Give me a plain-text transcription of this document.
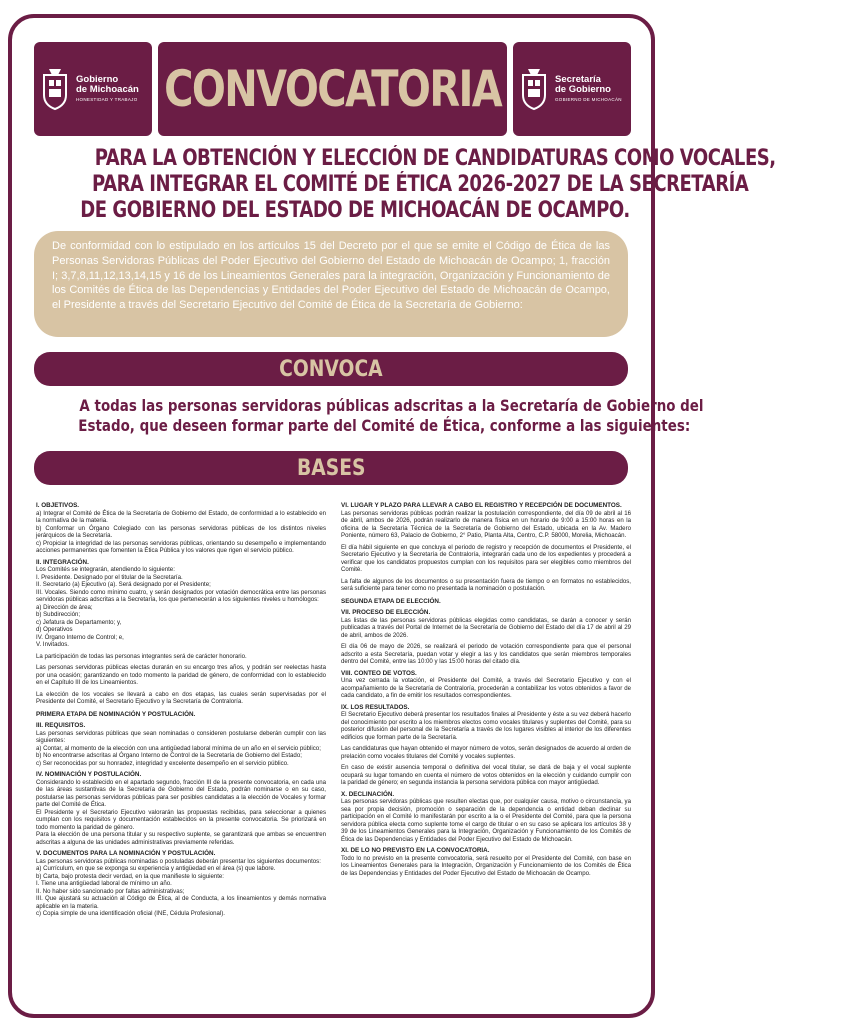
Gobierno
de Michoacán
HONESTIDAD Y TRABAJO CONVOCATORIA	Secretaría
de Gobierno
GOBIERNO DE MICHOACÁN
PARA LA OBTENCIÓN Y ELECCIÓN DE CANDIDATURAS COMO VOCALES,
PARA INTEGRAR EL COMITÉ DE ÉTICA 2026-2027 DE LA SECRETARÍA
DE GOBIERNO DEL ESTADO DE MICHOACÁN DE OCAMPO.
De conformidad con lo estipulado en los artículos 15 del Decreto por el que se emite el Código de Ética de las Personas Servidoras Públicas del Poder Ejecutivo del Gobierno del Estado de Michoacán de Ocampo; 1, fracción I; 3,7,8,11,12,13,14,15 y 16 de los Lineamientos Generales para la integración, Organización y Funcionamiento de los Comités de Ética de las Dependencias y Entidades del Poder Ejecutivo del Estado de Michoacán de Ocampo, el Presidente a través del Secretario Ejecutivo del Comité de Ética de la Secretaría de Gobierno:
CONVOCA
A todas las personas servidoras públicas adscritas a la Secretaría de Gobierno del
Estado, que deseen formar parte del Comité de Ética, conforme a las siguientes:
BASES
I. OBJETIVOS.

a) Integrar el Comité de Ética de la Secretaría de Gobierno del Estado, de conformidad a lo establecido en la normativa de la materia.

b) Conformar un Órgano Colegiado con las personas servidoras públicas de los distintos niveles jerárquicos de la Secretaría.

c) Propiciar la integridad de las personas servidoras públicas, orientando su desempeño e implementando acciones permanentes que fomenten la Ética Pública y los valores que rigen el servicio público.

II. INTEGRACIÓN.

Los Comités se integrarán, atendiendo lo siguiente:

I. Presidente. Designado por el titular de la Secretaría.

II. Secretario (a) Ejecutivo (a). Será designado por el Presidente;

III. Vocales. Siendo como mínimo cuatro, y serán designados por votación democrática entre las personas servidoras públicas adscritas a la Secretaría, los que pertenecerán a los siguientes niveles u homólogos:

a) Dirección de área;

b) Subdirección;

c) Jefatura de Departamento; y,

d) Operativos

IV. Órgano Interno de Control; e,

V. Invitados.

La participación de todas las personas integrantes será de carácter honorario.

Las personas servidoras públicas electas durarán en su encargo tres años, y podrán ser reelectas hasta por una ocasión; garantizando en todo momento la paridad de género, de conformidad con lo establecido en el Capítulo III de los Lineamientos.

La elección de los vocales se llevará a cabo en dos etapas, las cuales serán supervisadas por el Presidente del Comité, el Secretario Ejecutivo y la Secretaría de Contraloría.

PRIMERA ETAPA DE NOMINACIÓN Y POSTULACIÓN.
III. REQUISITOS.

Las personas servidoras públicas que sean nominadas o consideren postularse deberán cumplir con las siguientes:

a) Contar, al momento de la elección con una antigüedad laboral mínima de un año en el servicio público;

b) No encontrarse adscritas al Órgano Interno de Control de la Secretaría de Gobierno del Estado;

c) Ser reconocidas por su honradez, integridad y excelente desempeño en el servicio público.

IV. NOMINACIÓN Y POSTULACIÓN.

Considerando lo establecido en el apartado segundo, fracción III de la presente convocatoria, en cada una de las áreas sustantivas de la Secretaría de Gobierno del Estado, podrán nominarse o en su caso, postularse las personas servidoras públicas para ser posibles candidatas a la elección de Vocales y formar parte del Comité de Ética.

El Presidente y el Secretario Ejecutivo valorarán las propuestas recibidas, para seleccionar a quienes cumplan con los requisitos y documentación establecidos en la presente convocatoria. Se priorizará en todo momento la paridad de género.

Para la elección de una persona titular y su respectivo suplente, se garantizará que ambas se encuentren adscritas a alguna de las unidades administrativas previamente referidas.

V. DOCUMENTOS PARA LA NOMINACIÓN Y POSTULACIÓN.

Las personas servidoras públicas nominadas o postuladas deberán presentar los siguientes documentos:

a) Currículum, en que se exponga su experiencia y antigüedad en el área (s) que labore.

b) Carta, bajo protesta decir verdad, en la que manifieste lo siguiente:

I. Tiene una antigüedad laboral de mínimo un año.

II. No haber sido sancionado por faltas administrativas;

III. Que ajustará su actuación al Código de Ética, al de Conducta, a los lineamientos y demás normativa aplicable en la materia.

c) Copia simple de una identificación oficial (INE, Cédula Profesional).

VI. LUGAR Y PLAZO PARA LLEVAR A CABO EL REGISTRO Y RECEPCIÓN DE DOCUMENTOS.

Las personas servidoras públicas podrán realizar la postulación correspondiente, del día 09 de abril al 16 de abril, ambos de 2026, podrán realizarlo de manera física en un horario de 9:00 a 15:00 horas en la oficina de la Secretaría Técnica de la Secretaría de Gobierno del Estado, ubicada en la Av. Madero Poniente, número 63, Palacio de Gobierno, 2° Patio, Planta Alta, Centro, C.P. 58000, Morelia, Michoacán.

El día hábil siguiente en que concluya el periodo de registro y recepción de documentos el Presidente, el Secretario Ejecutivo y la Secretaría de Contraloría, integrarán cada uno de los expedientes y procederá a verificar que los candidatos propuestos cumplan con los requisitos para ser elegibles como miembros del Comité.

La falta de algunos de los documentos o su presentación fuera de tiempo o en formatos no establecidos, será suficiente para tener como no presentada la nominación o postulación.

SEGUNDA ETAPA DE ELECCIÓN.
VII. PROCESO DE ELECCIÓN.

Las listas de las personas servidoras públicas elegidas como candidatas, se darán a conocer y serán publicadas a través del Portal de Internet de la Secretaría de Gobierno del Estado del día 17 de abril al 29 de abril, ambos de 2026.

El día 06 de mayo de 2026, se realizará el periodo de votación correspondiente para que el personal adscrito a esta Secretaría, puedan votar y elegir a las y los candidatos que serán miembros temporales dentro del Comité, entre las 10:00 y las 15:00 horas del citado día.

VIII. CONTEO DE VOTOS.

Una vez cerrada la votación, el Presidente del Comité, a través del Secretario Ejecutivo y con el acompañamiento de la Secretaría de Contraloría, procederán a contabilizar los votos obtenidos a favor de cada candidato, a fin de emitir los resultados correspondientes.

IX. LOS RESULTADOS.

El Secretario Ejecutivo deberá presentar los resultados finales al Presidente y éste a su vez deberá hacerlo del conocimiento por escrito a los miembros electos como vocales titulares y suplentes del Comité, para su posterior difusión del personal de la Secretaría a través de los lugares visibles al interior de los diferentes edificios que forman parte de la Secretaría.

Las candidaturas que hayan obtenido el mayor número de votos, serán designados de acuerdo al orden de prelación como vocales titulares del Comité y vocales suplentes.

En caso de existir ausencia temporal o definitiva del vocal titular, se dará de baja y el vocal suplente ocupará su lugar tomando en cuenta el número de votos obtenidos en la elección y cuidando cumplir con la paridad de género; en segunda instancia la persona servidora pública con mayor antigüedad.

X. DECLINACIÓN.

Las personas servidoras públicas que resulten electas que, por cualquier causa, motivo o circunstancia, ya sea por propia decisión, promoción o separación de la dependencia o entidad deban declinar su participación en el Comité lo manifestarán por escrito a la o el Presidente del Comité, para que la persona servidora pública electa como suplente tome el cargo de titular o en su caso se aplicara los artículos 38 y 39 de los Lineamientos Generales para la Integración, Organización y Funcionamiento de los Comités de Ética de las Dependencias y Entidades del Poder Ejecutivo del Estado de Michoacán.

XI. DE LO NO PREVISTO EN LA CONVOCATORIA.

Todo lo no previsto en la presente convocatoria, será resuelto por el Presidente del Comité, con base en los Lineamientos Generales para la Integración, Organización y Funcionamiento de los Comités de Ética de las Dependencias y Entidades del Poder Ejecutivo del Estado de Michoacán de Ocampo.
